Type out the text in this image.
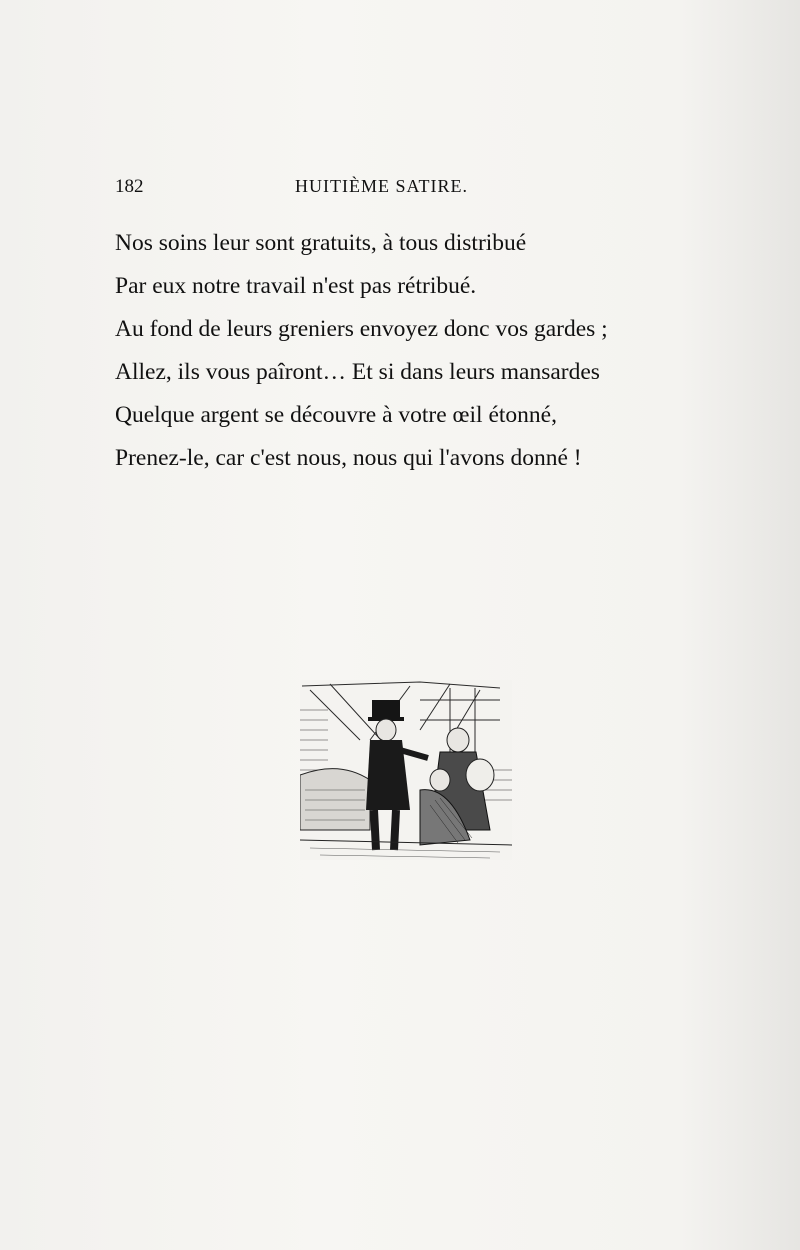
182	HUITIÈME SATIRE.
Nos soins leur sont gratuits, à tous distribué
Par eux notre travail n'est pas rétribué.
Au fond de leurs greniers envoyez donc vos gardes ;
Allez, ils vous paîront… Et si dans leurs mansardes
Quelque argent se découvre à votre œil étonné,
Prenez-le, car c'est nous, nous qui l'avons donné !
